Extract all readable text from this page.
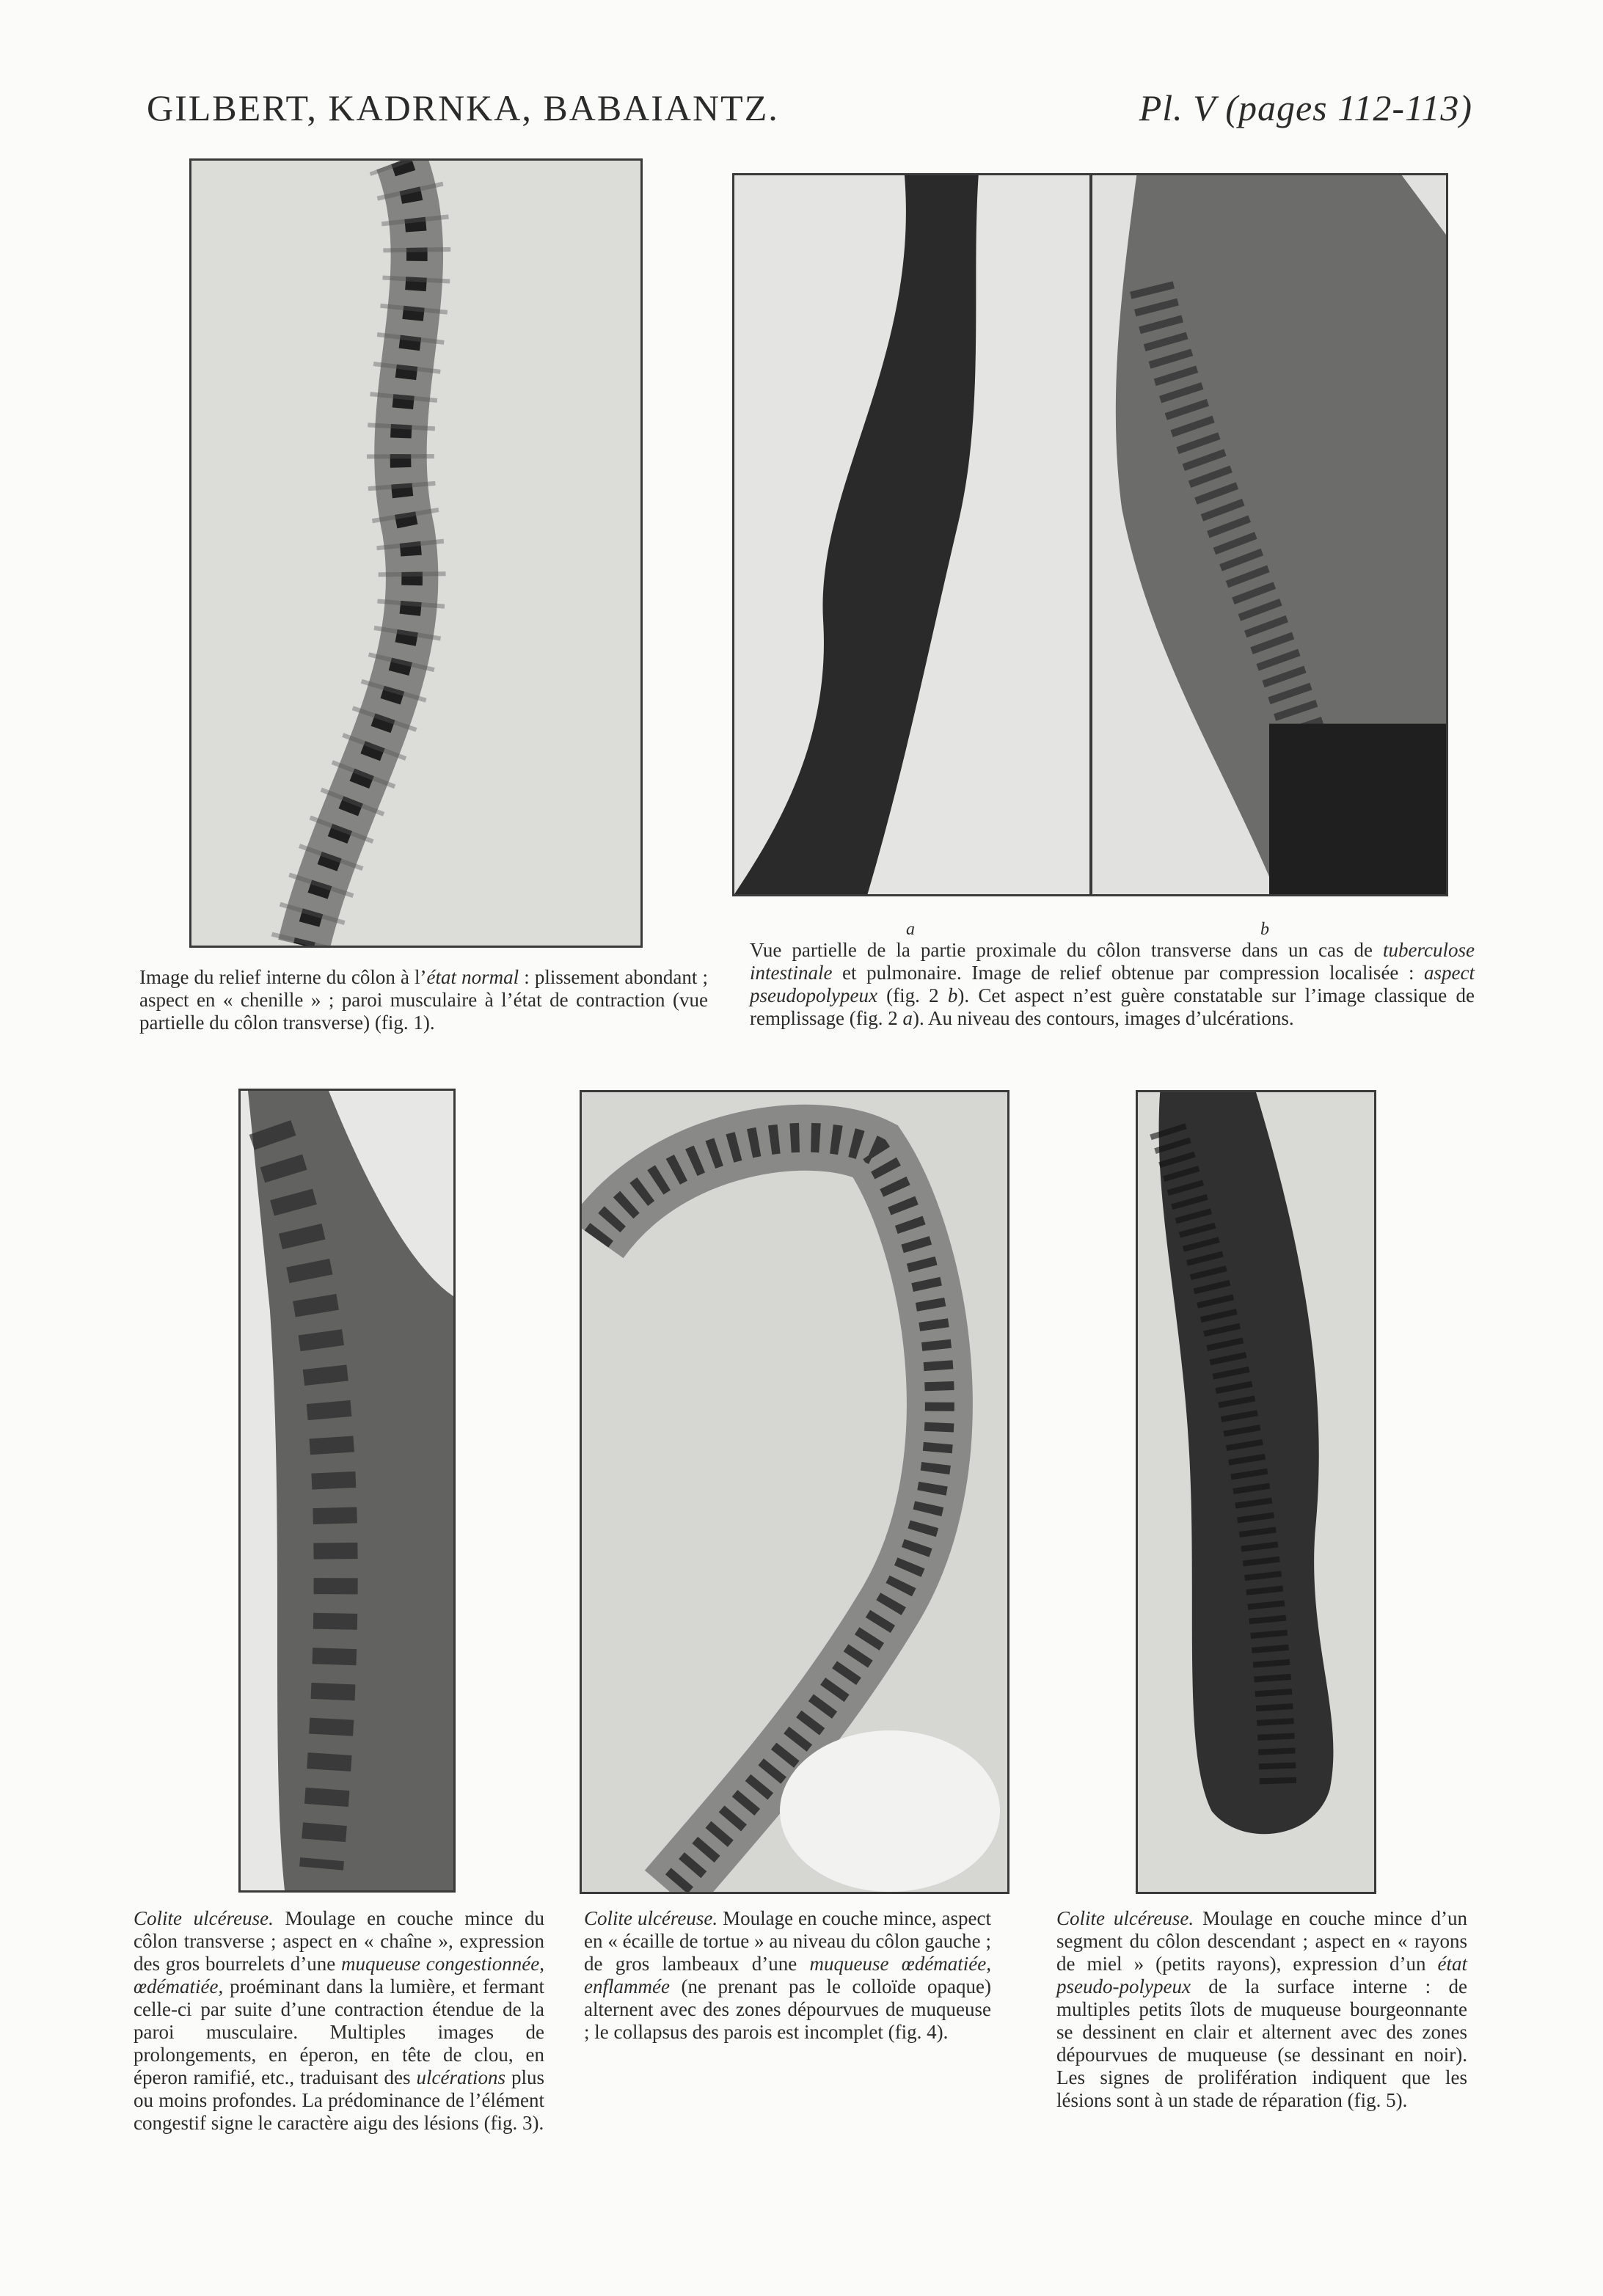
GILBERT, KADRNKA, BABAIANTZ.	Pl. V (pages 112-113)
a	b
Image du relief interne du côlon à l’état normal : plissement abondant ; aspect en « chenille » ; paroi musculaire à l’état de contraction (vue partielle du côlon transverse) (fig. 1).
Vue partielle de la partie proximale du côlon transverse dans un cas de tuberculose intestinale et pulmonaire. Image de relief obtenue par compression localisée : aspect pseudopolypeux (fig. 2 b). Cet aspect n’est guère constatable sur l’image classique de remplissage (fig. 2 a). Au niveau des contours, images d’ulcérations.
Colite ulcéreuse. Moulage en couche mince du côlon transverse ; aspect en « chaîne », expression des gros bourrelets d’une muqueuse congestionnée, œdématiée, proéminant dans la lumière, et fermant celle-ci par suite d’une contraction étendue de la paroi musculaire. Multiples images de prolongements, en éperon, en tête de clou, en éperon ramifié, etc., traduisant des ulcérations plus ou moins profondes. La prédominance de l’élément congestif signe le caractère aigu des lésions (fig. 3).
Colite ulcéreuse. Moulage en couche mince, aspect en « écaille de tortue » au niveau du côlon gauche ; de gros lambeaux d’une muqueuse œdématiée, enflammée (ne prenant pas le colloïde opaque) alternent avec des zones dépourvues de muqueuse ; le collapsus des parois est incomplet (fig. 4).
Colite ulcéreuse. Moulage en couche mince d’un segment du côlon descendant ; aspect en « rayons de miel » (petits rayons), expression d’un état pseudo-polypeux de la surface interne : de multiples petits îlots de muqueuse bourgeonnante se dessinent en clair et alternent avec des zones dépourvues de muqueuse (se dessinant en noir). Les signes de prolifération indiquent que les lésions sont à un stade de réparation (fig. 5).
